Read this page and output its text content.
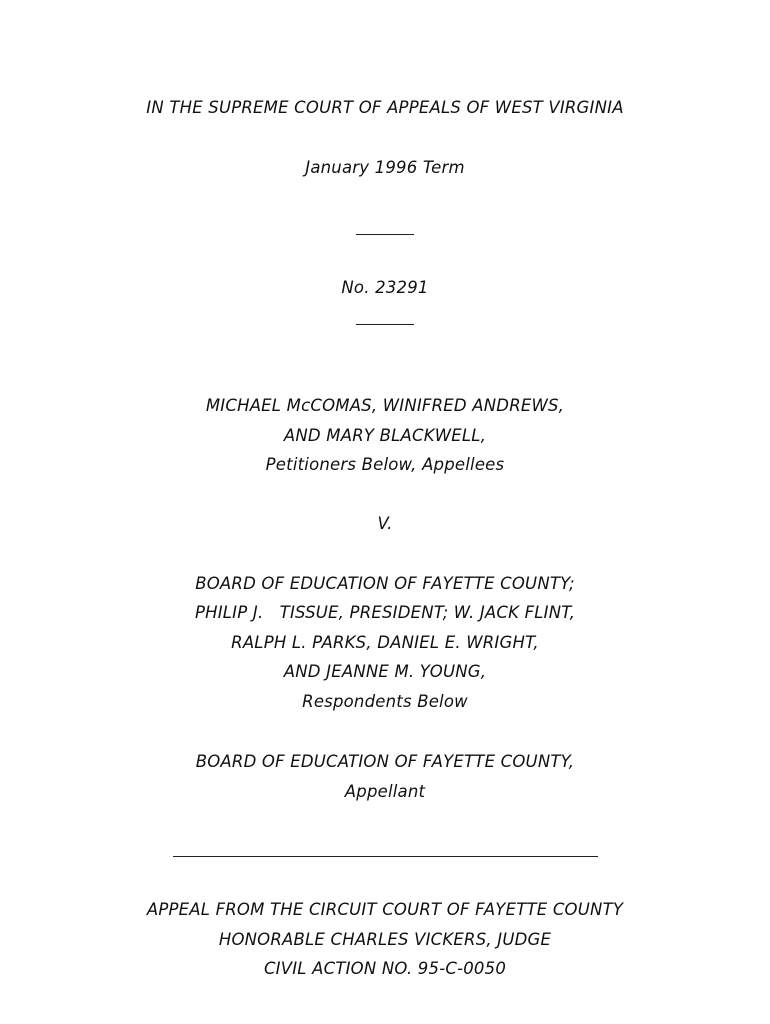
IN THE SUPREME COURT OF APPEALS OF WEST VIRGINIA
January 1996 Term
No. 23291
MICHAEL McCOMAS, WINIFRED ANDREWS,
AND MARY BLACKWELL,
Petitioners Below, Appellees
V.
BOARD OF EDUCATION OF FAYETTE COUNTY;
PHILIP J.   TISSUE, PRESIDENT; W. JACK FLINT,
RALPH L. PARKS, DANIEL E. WRIGHT,
AND JEANNE M. YOUNG,
Respondents Below
BOARD OF EDUCATION OF FAYETTE COUNTY,
Appellant
APPEAL FROM THE CIRCUIT COURT OF FAYETTE COUNTY
HONORABLE CHARLES VICKERS, JUDGE
CIVIL ACTION NO. 95-C-0050
